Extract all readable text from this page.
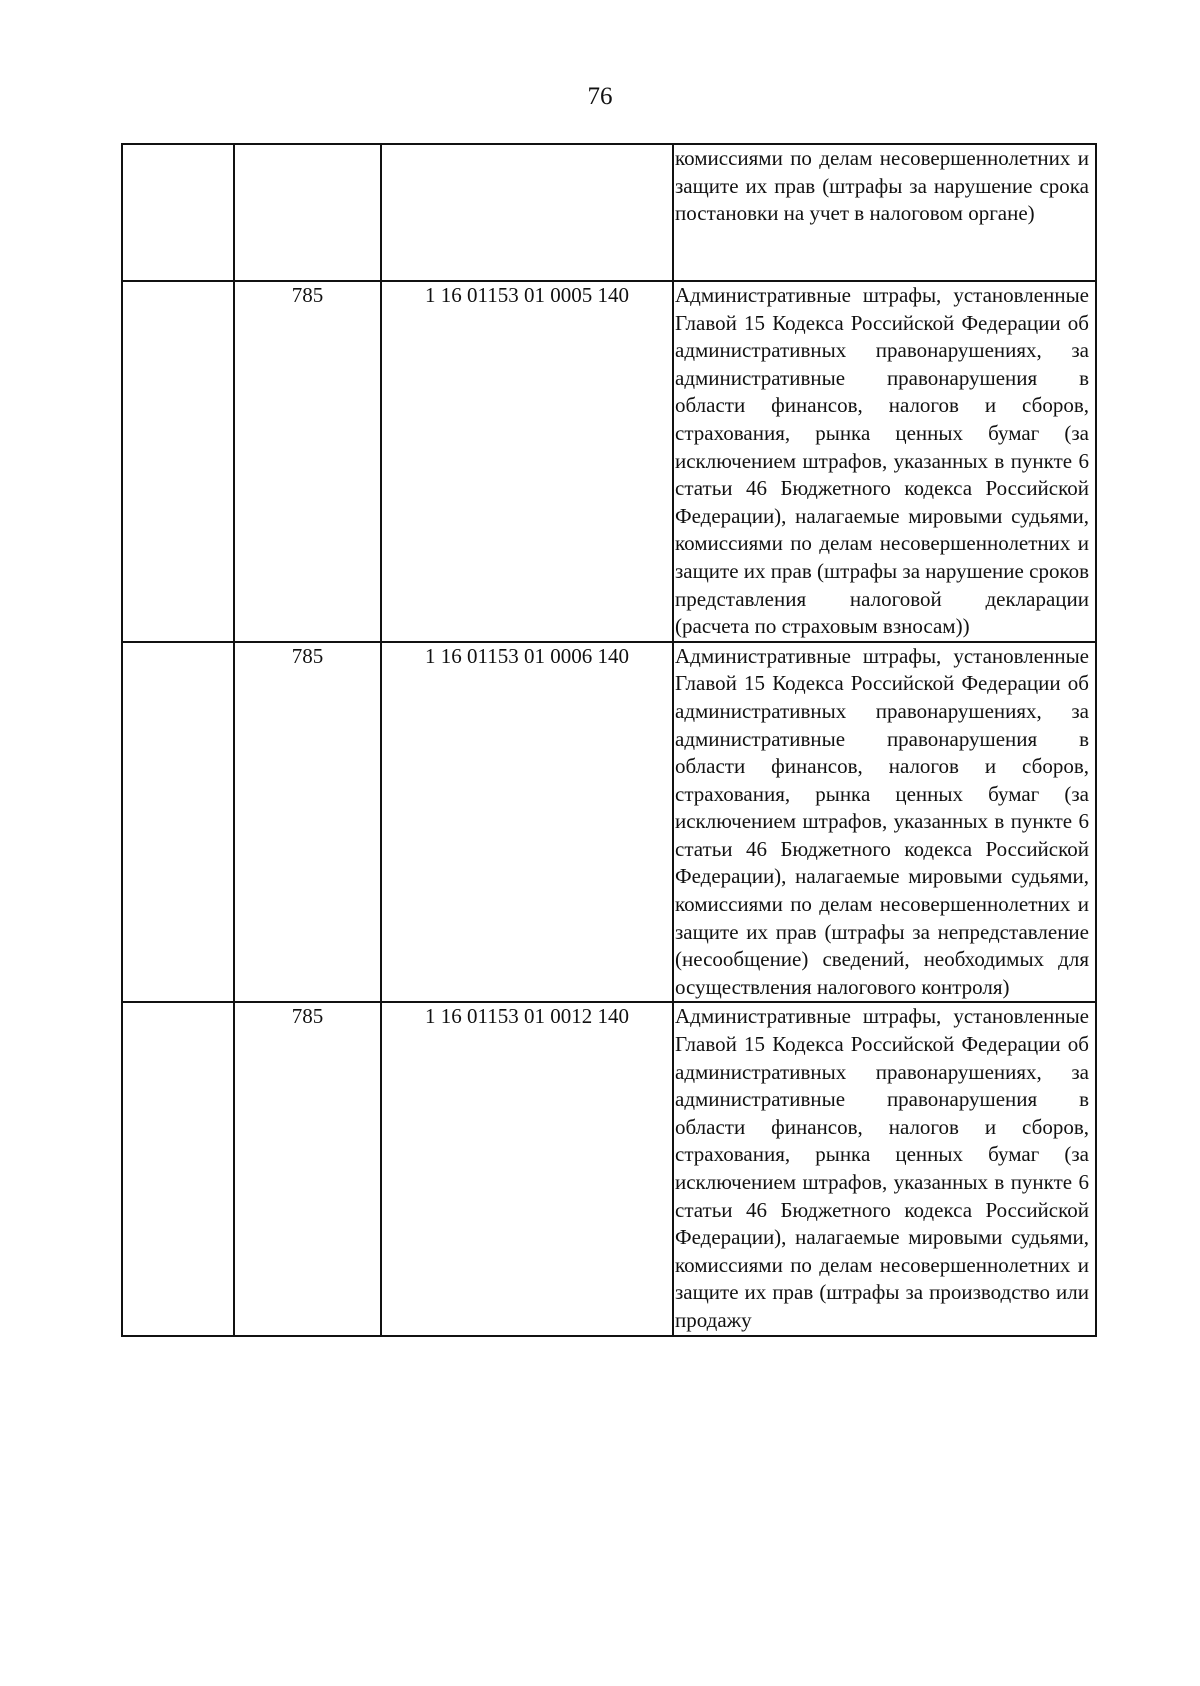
76

			комиссиями по делам несовершеннолетних и защите их прав (штрафы за нарушение срока постановки на учет в налоговом органе)

	785	1 16 01153 01 0005 140	Административные штрафы, установленные Главой 15 Кодекса Российской Федерации об административных правонарушениях, за административные правонарушения в области финансов, налогов и сборов, страхования, рынка ценных бумаг (за исключением штрафов, указанных в пункте 6 статьи 46 Бюджетного кодекса Российской Федерации), налагаемые мировыми судьями, комиссиями по делам несовершеннолетних и защите их прав (штрафы за нарушение сроков представления налоговой декларации (расчета по страховым взносам))

	785	1 16 01153 01 0006 140	Административные штрафы, установленные Главой 15 Кодекса Российской Федерации об административных правонарушениях, за административные правонарушения в области финансов, налогов и сборов, страхования, рынка ценных бумаг (за исключением штрафов, указанных в пункте 6 статьи 46 Бюджетного кодекса Российской Федерации), налагаемые мировыми судьями, комиссиями по делам несовершеннолетних и защите их прав (штрафы за непредставление (несообщение) сведений, необходимых для осуществления налогового контроля)

	785	1 16 01153 01 0012 140	Административные штрафы, установленные Главой 15 Кодекса Российской Федерации об административных правонарушениях, за административные правонарушения в области финансов, налогов и сборов, страхования, рынка ценных бумаг (за исключением штрафов, указанных в пункте 6 статьи 46 Бюджетного кодекса Российской Федерации), налагаемые мировыми судьями, комиссиями по делам несовершеннолетних и защите их прав (штрафы за производство или продажу
